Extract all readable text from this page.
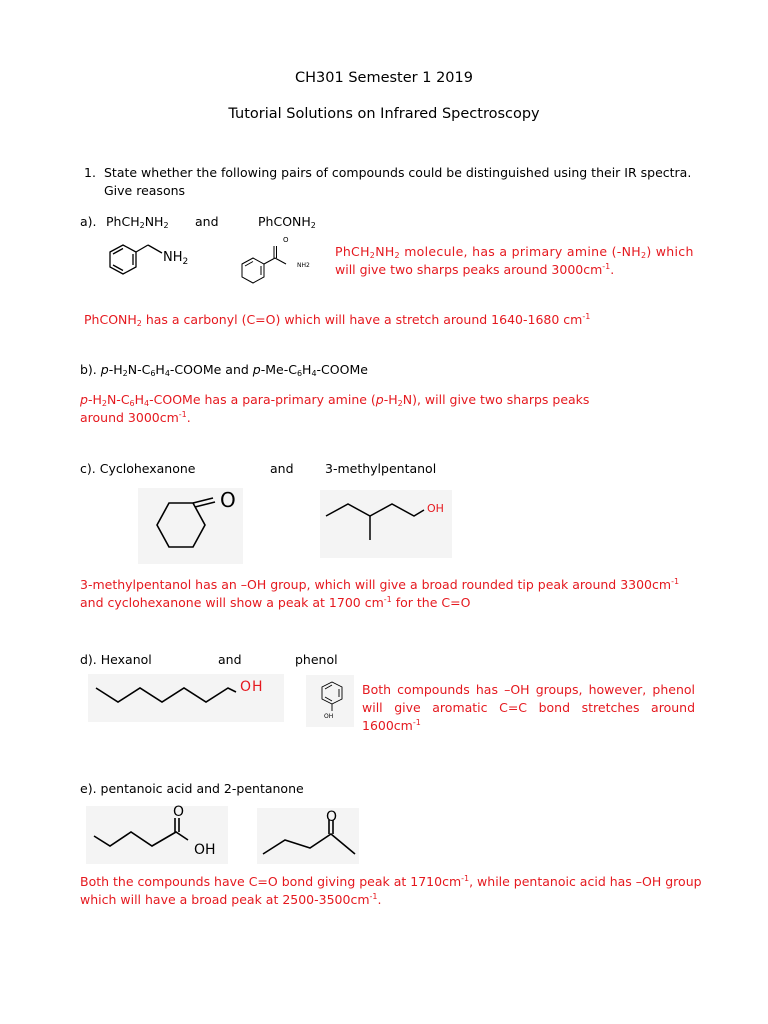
CH301 Semester 1 2019
Tutorial Solutions on Infrared Spectroscopy
1. State whether the following pairs of compounds could be distinguished using their IR spectra.
Give reasons
a). $PhCH_2NH_2$ and	PhCONH$_2$
$NH_2$
O
NH2
$PhCH_2NH_2$ molecule, has a primary amine $(-NH_2)$ which
will give two sharps peaks around $3000cm^{-1}$.
PhCONH$_2$ has a carbonyl (C=O) which will have a stretch around 1640-1680 $cm^{-1}$
b). $p-H_2N-C_6H_4$-COOMe and $p-Me-C_6H_4$-COOMe
$p-H_2N-C_6H_4$-COOMe has a para-primary amine $(p-H_2N)$, will give two sharps peaks
around $3000cm^{-1}$.
c). Cyclohexanone	and	3-methylpentanol
O	OH
3-methylpentanol has an –OH group, which will give a broad rounded tip peak around $3300cm^{-1}$
and cyclohexanone will show a peak at 1700 $cm^{-1}$ for the C=O
d). Hexanol	and	phenol
OH
OH
Both compounds has –OH groups, however, phenol will give aromatic C=C bond stretches around $1600cm^{-1}$
e). pentanoic acid and 2-pentanone
O
OH
O
Both the compounds have C=O bond giving peak at $1710cm^{-1}$, while pentanoic acid has –OH group
which will have a broad peak at $2500-3500cm^{-1}$.
